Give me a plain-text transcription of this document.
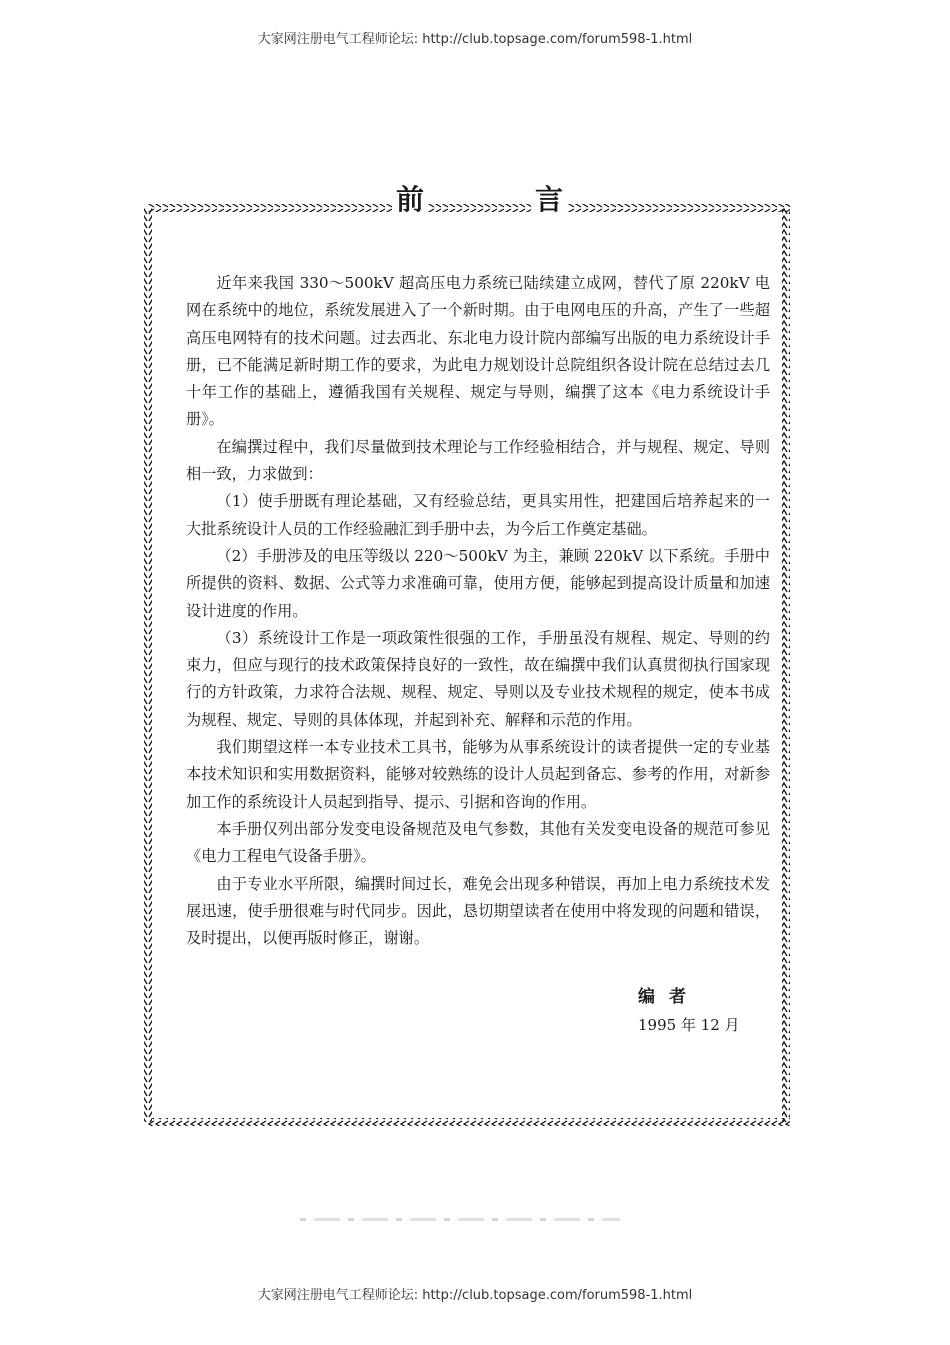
大家网注册电气工程师论坛: http://club.topsage.com/forum598-1.html
前	言

近年来我国 330～500kV 超高压电力系统已陆续建立成网，替代了原 220kV 电网在系统中的地位，系统发展进入了一个新时期。由于电网电压的升高，产生了一些超高压电网特有的技术问题。过去西北、东北电力设计院内部编写出版的电力系统设计手册，已不能满足新时期工作的要求，为此电力规划设计总院组织各设计院在总结过去几十年工作的基础上，遵循我国有关规程、规定与导则，编撰了这本《电力系统设计手册》。

在编撰过程中，我们尽量做到技术理论与工作经验相结合，并与规程、规定、导则相一致，力求做到：

（1）使手册既有理论基础，又有经验总结，更具实用性，把建国后培养起来的一大批系统设计人员的工作经验融汇到手册中去，为今后工作奠定基础。

（2）手册涉及的电压等级以 220～500kV 为主，兼顾 220kV 以下系统。手册中所提供的资料、数据、公式等力求准确可靠，使用方便，能够起到提高设计质量和加速设计进度的作用。

（3）系统设计工作是一项政策性很强的工作，手册虽没有规程、规定、导则的约束力，但应与现行的技术政策保持良好的一致性，故在编撰中我们认真贯彻执行国家现行的方针政策，力求符合法规、规程、规定、导则以及专业技术规程的规定，使本书成为规程、规定、导则的具体体现，并起到补充、解释和示范的作用。

我们期望这样一本专业技术工具书，能够为从事系统设计的读者提供一定的专业基本技术知识和实用数据资料，能够对较熟练的设计人员起到备忘、参考的作用，对新参加工作的系统设计人员起到指导、提示、引据和咨询的作用。

本手册仅列出部分发变电设备规范及电气参数，其他有关发变电设备的规范可参见《电力工程电气设备手册》。

由于专业水平所限，编撰时间过长，难免会出现多种错误，再加上电力系统技术发展迅速，使手册很难与时代同步。因此，恳切期望读者在使用中将发现的问题和错误，及时提出，以便再版时修正，谢谢。

编者
1995 年 12 月
大家网注册电气工程师论坛: http://club.topsage.com/forum598-1.html
